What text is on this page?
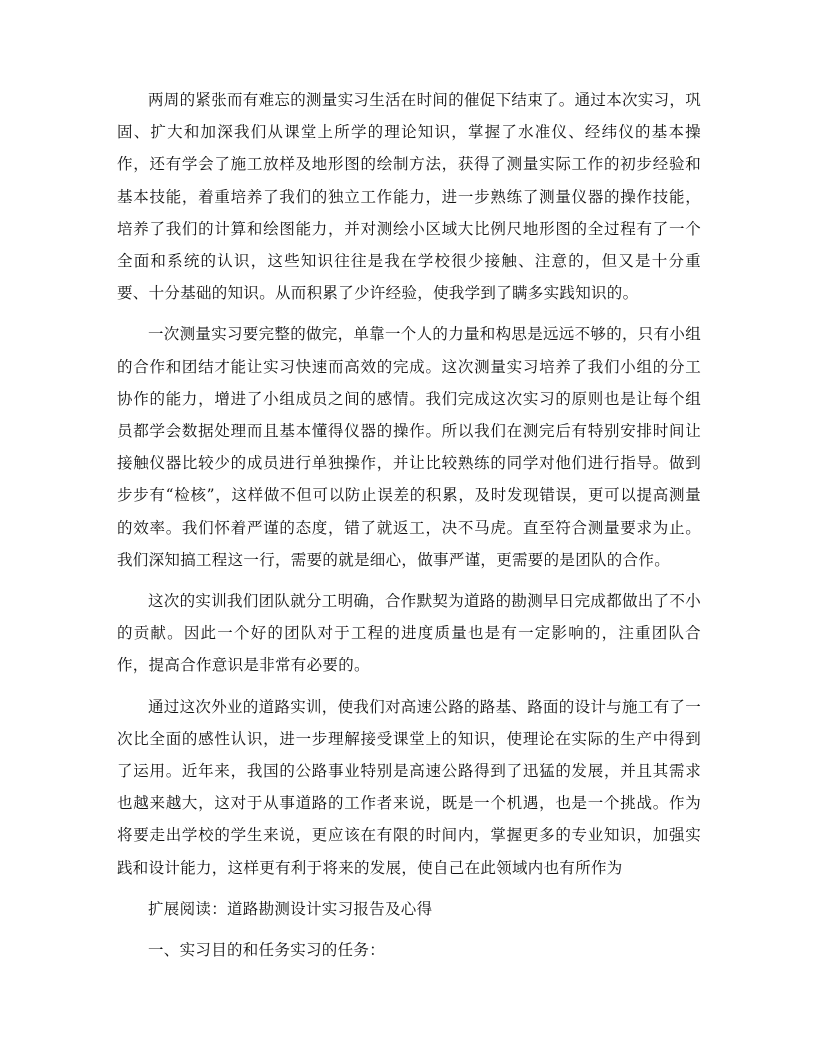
两周的紧张而有难忘的测量实习生活在时间的催促下结束了。通过本次实习，巩固、扩大和加深我们从课堂上所学的理论知识，掌握了水准仪、经纬仪的基本操作，还有学会了施工放样及地形图的绘制方法，获得了测量实际工作的初步经验和基本技能，着重培养了我们的独立工作能力，进一步熟练了测量仪器的操作技能，培养了我们的计算和绘图能力，并对测绘小区域大比例尺地形图的全过程有了一个全面和系统的认识，这些知识往往是我在学校很少接触、注意的，但又是十分重要、十分基础的知识。从而积累了少许经验，使我学到了瞒多实践知识的。

一次测量实习要完整的做完，单靠一个人的力量和构思是远远不够的，只有小组的合作和团结才能让实习快速而高效的完成。这次测量实习培养了我们小组的分工协作的能力，增进了小组成员之间的感情。我们完成这次实习的原则也是让每个组员都学会数据处理而且基本懂得仪器的操作。所以我们在测完后有特别安排时间让接触仪器比较少的成员进行单独操作，并让比较熟练的同学对他们进行指导。做到步步有“检核”，这样做不但可以防止误差的积累，及时发现错误，更可以提高测量的效率。我们怀着严谨的态度，错了就返工，决不马虎。直至符合测量要求为止。我们深知搞工程这一行，需要的就是细心，做事严谨，更需要的是团队的合作。

这次的实训我们团队就分工明确，合作默契为道路的勘测早日完成都做出了不小的贡献。因此一个好的团队对于工程的进度质量也是有一定影响的，注重团队合作，提高合作意识是非常有必要的。

通过这次外业的道路实训，使我们对高速公路的路基、路面的设计与施工有了一次比全面的感性认识，进一步理解接受课堂上的知识，使理论在实际的生产中得到了运用。近年来，我国的公路事业特别是高速公路得到了迅猛的发展，并且其需求也越来越大，这对于从事道路的工作者来说，既是一个机遇，也是一个挑战。作为将要走出学校的学生来说，更应该在有限的时间内，掌握更多的专业知识，加强实践和设计能力，这样更有利于将来的发展，使自己在此领域内也有所作为

扩展阅读：道路勘测设计实习报告及心得

一、实习目的和任务实习的任务：
